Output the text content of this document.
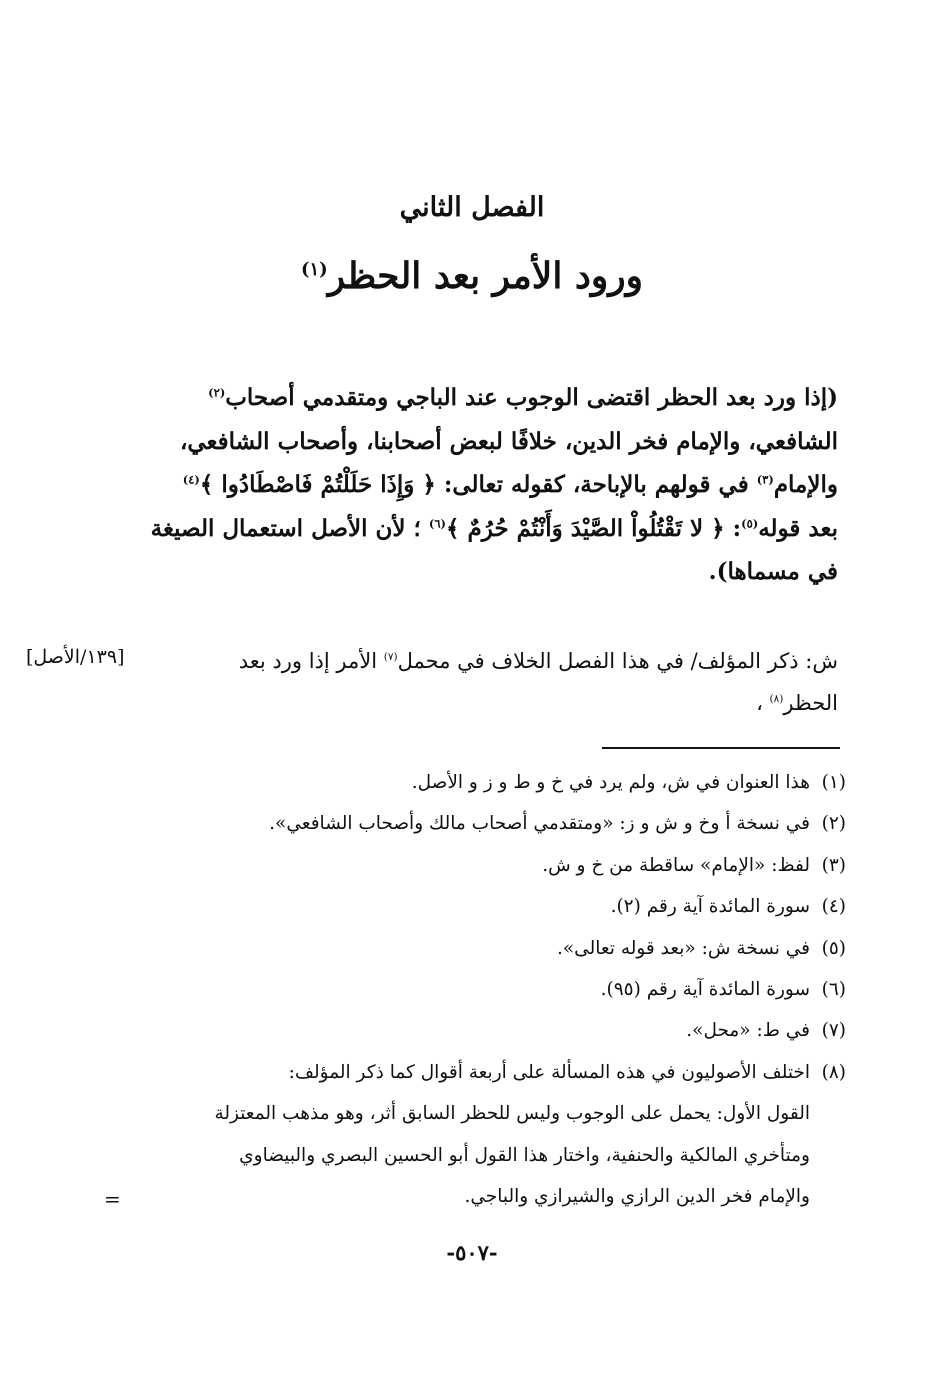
الفصل الثاني
ورود الأمر بعد الحظر$^{(١)}$

(إذا ورد بعد الحظر اقتضى الوجوب عند الباجي ومتقدمي أصحاب$^{(٢)}$

الشافعي، والإمام فخر الدين، خلافًا لبعض أصحابنا، وأصحاب الشافعي،

والإمام$^{(٣)}$ في قولهم بالإباحة، كقوله تعالى: ﴿ وَإِذَا حَلَلْتُمْ فَاصْطَادُوا ﴾$^{(٤)}$

بعد قوله$^{(٥)}$: ﴿ لا تَقْتُلُواْ الصَّيْدَ وَأَنْتُمْ حُرُمٌ ﴾$^{(٦)}$ ؛ لأن الأصل استعمال الصيغة

في مسماها).

ش: ذكر المؤلف/ في هذا الفصل الخلاف في محمل$^{(٧)}$ الأمر إذا ورد بعد

الحظر$^{(٨)}$ ،

[١٣٩/الأصل]

(١)هذا العنوان في ش، ولم يرد في خ و ط و ز و الأصل.

(٢)في نسخة أ وخ و ش و ز: «ومتقدمي أصحاب مالك وأصحاب الشافعي».

(٣)لفظ: «الإمام» ساقطة من خ و ش.

(٤)سورة المائدة آية رقم (٢).

(٥)في نسخة ش: «بعد قوله تعالى».

(٦)سورة المائدة آية رقم (٩٥).

(٧)في ط: «محل».

(٨)اختلف الأصوليون في هذه المسألة على أربعة أقوال كما ذكر المؤلف:

القول الأول: يحمل على الوجوب وليس للحظر السابق أثر، وهو مذهب المعتزلة
ومتأخري المالكية والحنفية، واختار هذا القول أبو الحسين البصري والبيضاوي
والإمام فخر الدين الرازي والشيرازي والباجي.
=
-٥٠٧-
